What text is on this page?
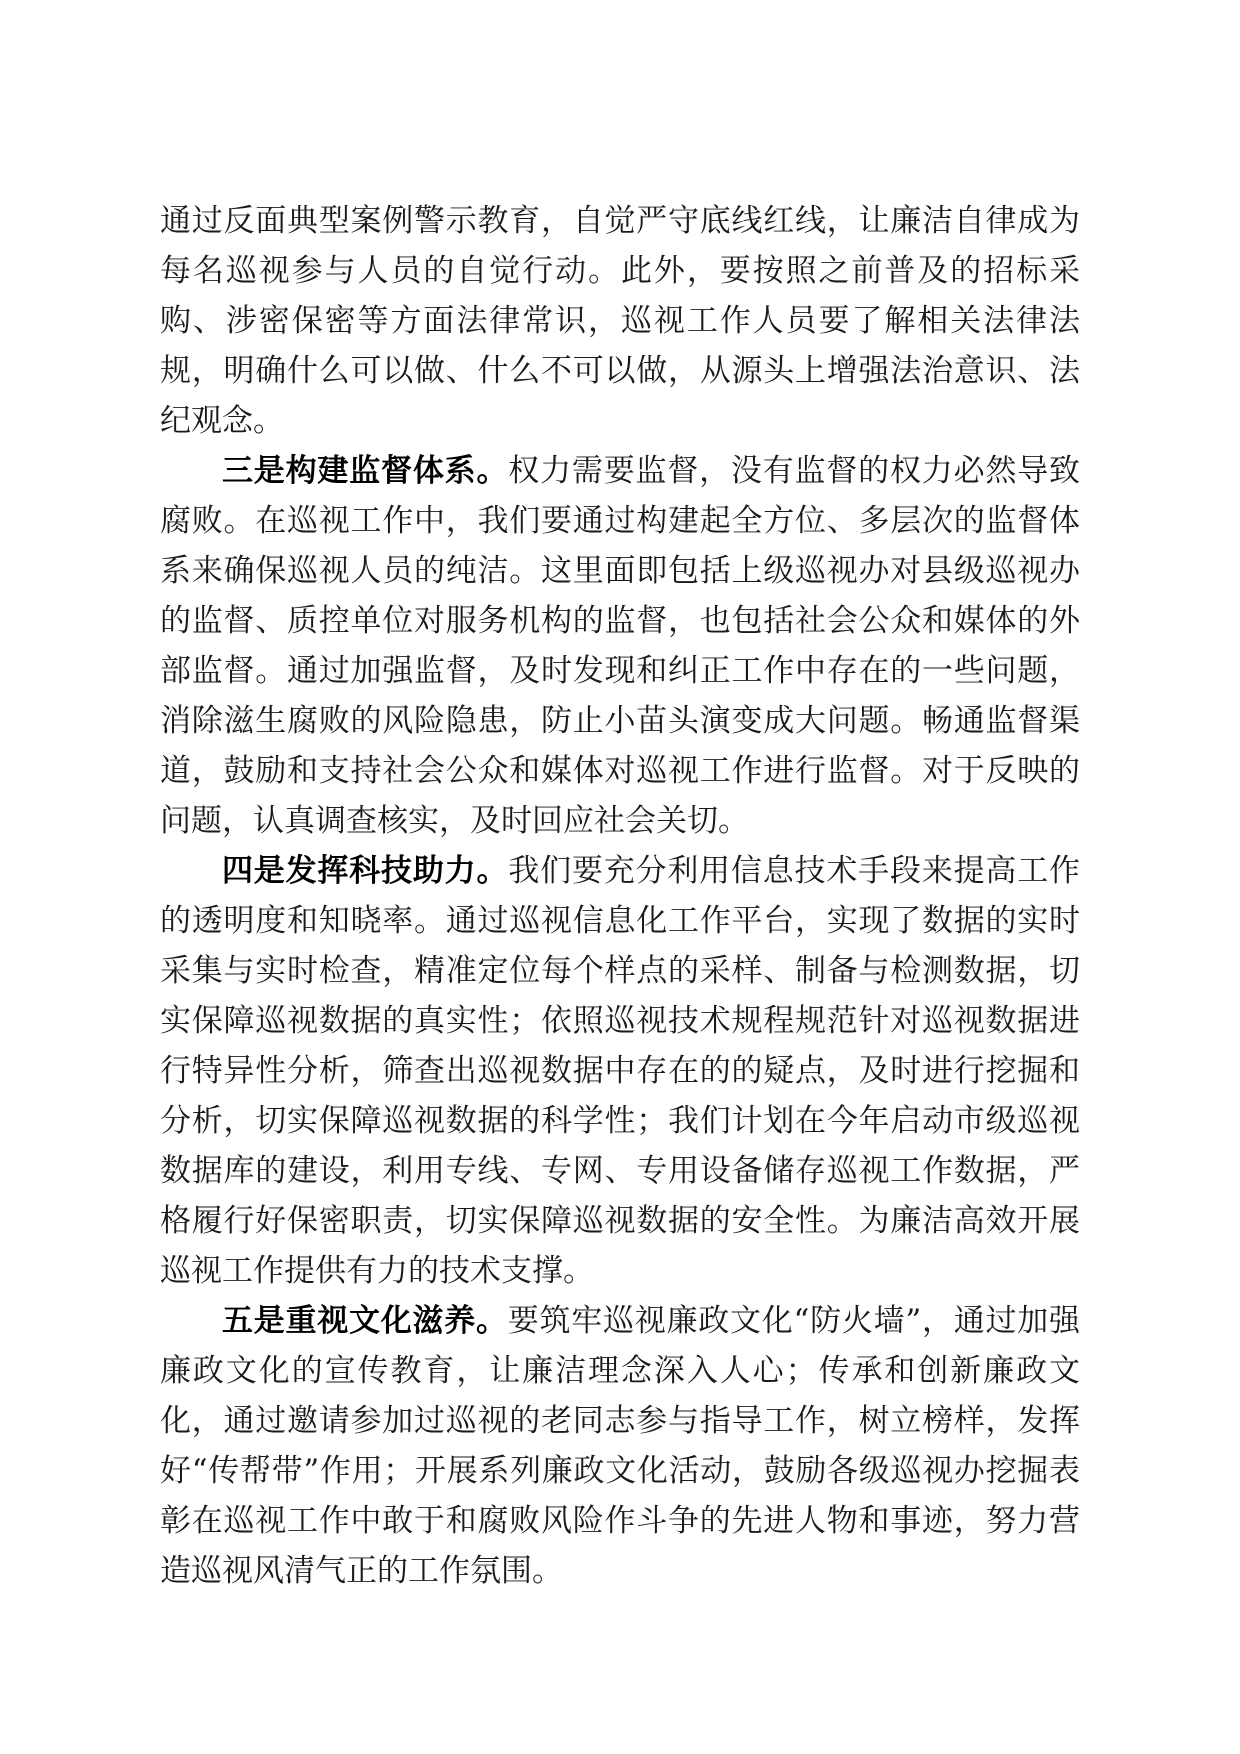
通过反面典型案例警示教育，自觉严守底线红线，让廉洁自律成为每名巡视参与人员的自觉行动。此外，要按照之前普及的招标采购、涉密保密等方面法律常识，巡视工作人员要了解相关法律法规，明确什么可以做、什么不可以做，从源头上增强法治意识、法纪观念。

三是构建监督体系。权力需要监督，没有监督的权力必然导致腐败。在巡视工作中，我们要通过构建起全方位、多层次的监督体系来确保巡视人员的纯洁。这里面即包括上级巡视办对县级巡视办的监督、质控单位对服务机构的监督，也包括社会公众和媒体的外部监督。通过加强监督，及时发现和纠正工作中存在的一些问题，消除滋生腐败的风险隐患，防止小苗头演变成大问题。畅通监督渠道，鼓励和支持社会公众和媒体对巡视工作进行监督。对于反映的问题，认真调查核实，及时回应社会关切。

四是发挥科技助力。我们要充分利用信息技术手段来提高工作的透明度和知晓率。通过巡视信息化工作平台，实现了数据的实时采集与实时检查，精准定位每个样点的采样、制备与检测数据，切实保障巡视数据的真实性；依照巡视技术规程规范针对巡视数据进行特异性分析，筛查出巡视数据中存在的的疑点，及时进行挖掘和分析，切实保障巡视数据的科学性；我们计划在今年启动市级巡视数据库的建设，利用专线、专网、专用设备储存巡视工作数据，严格履行好保密职责，切实保障巡视数据的安全性。为廉洁高效开展巡视工作提供有力的技术支撑。

五是重视文化滋养。要筑牢巡视廉政文化“防火墙”，通过加强廉政文化的宣传教育，让廉洁理念深入人心；传承和创新廉政文化，通过邀请参加过巡视的老同志参与指导工作，树立榜样，发挥好“传帮带”作用；开展系列廉政文化活动，鼓励各级巡视办挖掘表彰在巡视工作中敢于和腐败风险作斗争的先进人物和事迹，努力营造巡视风清气正的工作氛围。
